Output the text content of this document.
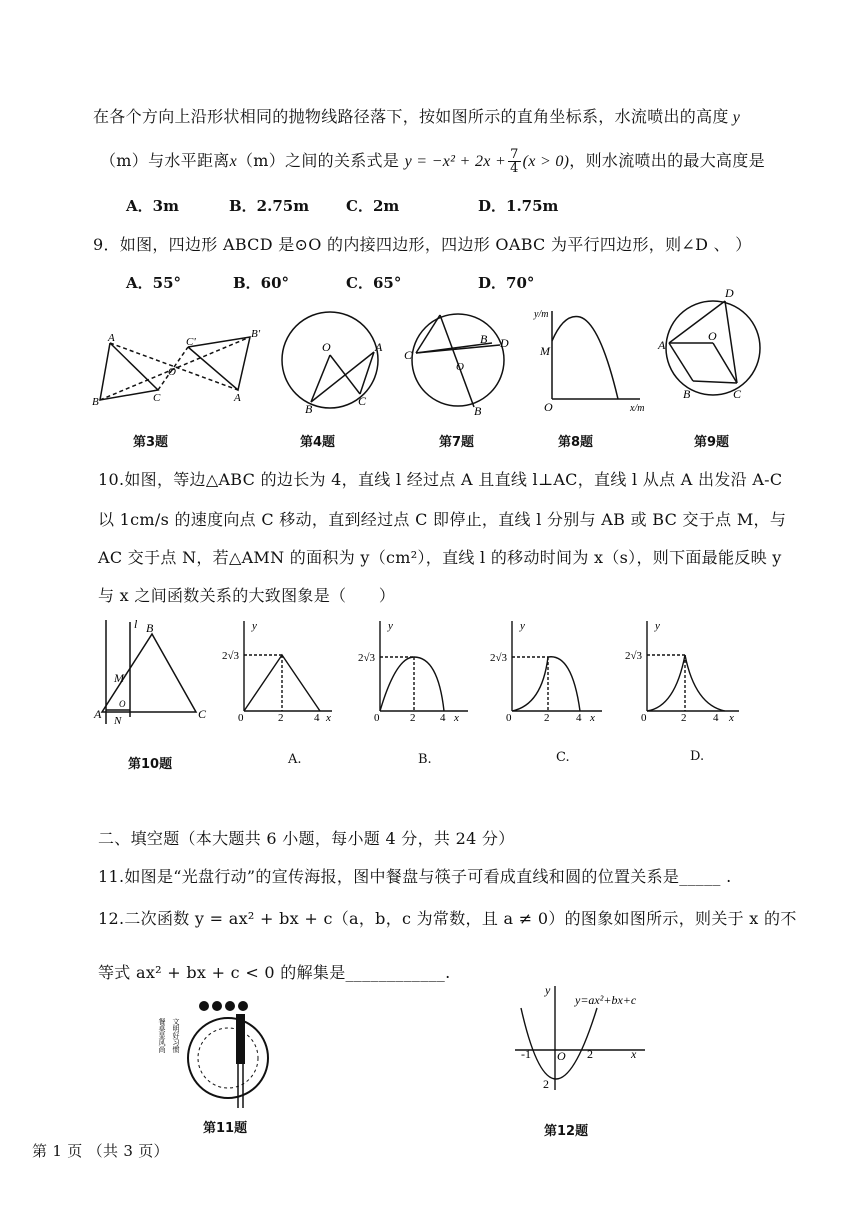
在各个方向上沿形状相同的抛物线路径落下，按如图所示的直角坐标系，水流喷出的高度 y
（m）与水平距离x（m）之间的关系式是 $y = -x^2 + 2x + \frac{7}{4} (x > 0)$，则水流喷出的最大高度是
A．3m	B．2.75m C．2m	D．1.75m
9．如图，四边形 ABCD 是⊙O 的内接四边形，四边形 OABC 为平行四边形，则∠D 、 ）
A．55°	B．60°	C．65°	D．70°
A	C'
B'
O
B	C	A
O	A
B
C
C
B D
O
B
y/m
M
O	x/m
D
O
A
B	C
第3题	第4题	第7题	第8题	第9题
10.如图，等边△ABC 的边长为 4，直线 l 经过点 A 且直线 l⊥AC，直线 l 从点 A 出发沿 A-C
以 1cm/s 的速度向点 C 移动，直到经过点 C 即停止，直线 l 分别与 AB 或 BC 交于点 M，与
AC 交于点 N，若△AMN 的面积为 y（cm²），直线 l 的移动时间为 x（s），则下面最能反映 y
与 x 之间函数关系的大致图象是（　　）
l B
M
A N
O
C
y
2√3
0	2	4 x
y
2√3
0	2 4 x
y
2√3
0	2 4 x
y
2√3
0	2 4 x
第10题	A.	B.	C.	D.
二、填空题（本大题共 6 小题，每小题 4 分，共 24 分）
11.如图是“光盘行动”的宣传海报，图中餐盘与筷子可看成直线和圆的位置关系是_____ .
12.二次函数 y = ax² + bx + c（a，b，c 为常数，且 a ≠ 0）的图象如图所示，则关于 x 的不
等式 ax² + bx + c < 0 的解集是____________.
餐桌显风尚 文明好习惯
y
y=ax²+bx+c
-1 O 2	x
2
第11题	第12题
第 1 页 （共 3 页）
